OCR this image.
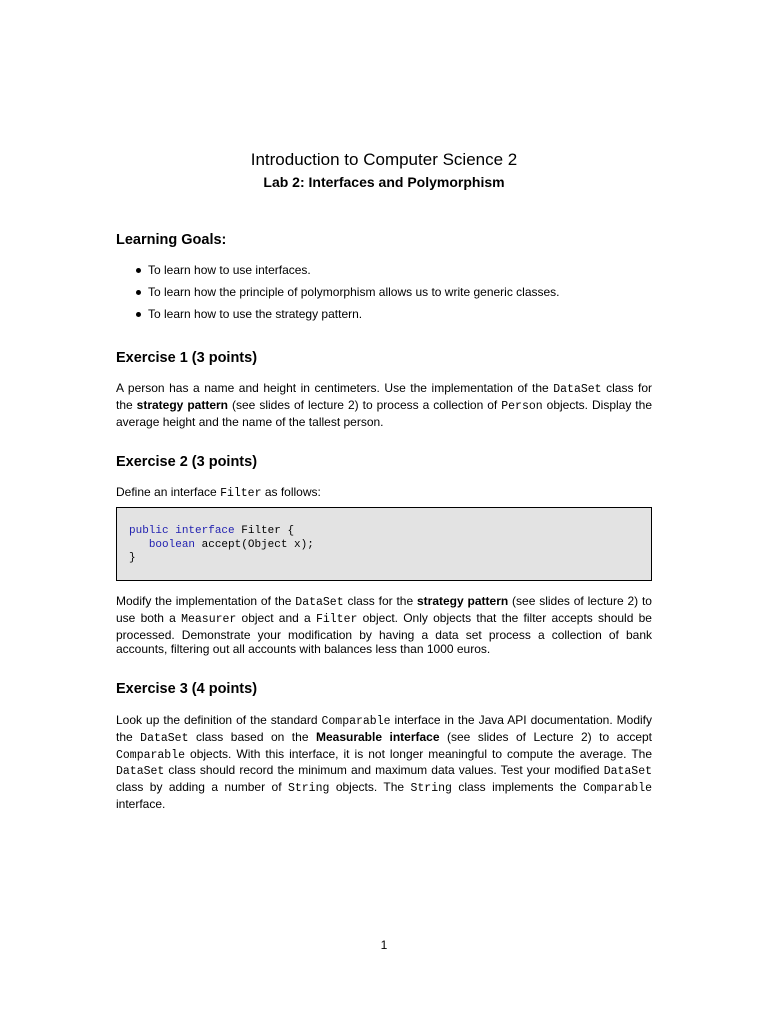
Introduction to Computer Science 2
Lab 2: Interfaces and Polymorphism
Learning Goals:
To learn how to use interfaces.
To learn how the principle of polymorphism allows us to write generic classes.
To learn how to use the strategy pattern.
Exercise 1 (3 points)

A person has a name and height in centimeters. Use the implementation of the DataSet class for the strategy pattern (see slides of lecture 2) to process a collection of Person objects. Display the average height and the name of the tallest person.

Exercise 2 (3 points)

Define an interface Filter as follows:

public interface Filter {
boolean accept(Object x);
}

Modify the implementation of the DataSet class for the strategy pattern (see slides of lecture 2) to use both a Measurer object and a Filter object. Only objects that the filter accepts should be processed. Demonstrate your modification by having a data set process a collection of bank accounts, filtering out all accounts with balances less than 1000 euros.

Exercise 3 (4 points)

Look up the definition of the standard Comparable interface in the Java API documentation. Modify the DataSet class based on the Measurable interface (see slides of Lecture 2) to accept Comparable objects. With this interface, it is not longer meaningful to compute the average. The DataSet class should record the minimum and maximum data values. Test your modified DataSet class by adding a number of String objects. The String class implements the Comparable interface.

1
